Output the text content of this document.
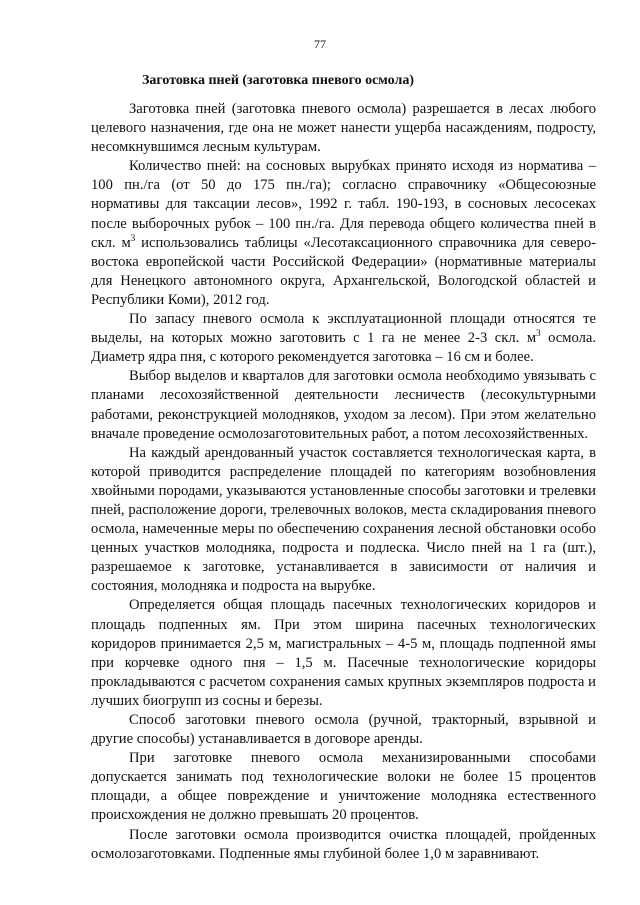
77
Заготовка пней (заготовка пневого осмола)

Заготовка пней (заготовка пневого осмола) разрешается в лесах любого целевого назначения, где она не может нанести ущерба насаждениям, подросту, несомкнувшимся лесным культурам.

Количество пней: на сосновых вырубках принято исходя из норматива – 100 пн./га (от 50 до 175 пн./га); согласно справочнику «Общесоюзные нормативы для таксации лесов», 1992 г. табл. 190-193, в сосновых лесосеках после выборочных рубок – 100 пн./га. Для перевода общего количества пней в скл. $м^3$ использовались таблицы «Лесотаксационного справочника для северо-востока европейской части Российской Федерации» (нормативные материалы для Ненецкого автономного округа, Архангельской, Вологодской областей и Республики Коми), 2012 год.

По запасу пневого осмола к эксплуатационной площади относятся те выделы, на которых можно заготовить с 1 га не менее 2-3 скл. $м^3$ осмола. Диаметр ядра пня, с которого рекомендуется заготовка – 16 см и более.

Выбор выделов и кварталов для заготовки осмола необходимо увязывать с планами лесохозяйственной деятельности лесничеств (лесокультурными работами, реконструкцией молодняков, уходом за лесом). При этом желательно вначале проведение осмолозаготовительных работ, а потом лесохозяйственных.

На каждый арендованный участок составляется технологическая карта, в которой приводится распределение площадей по категориям возобновления хвойными породами, указываются установленные способы заготовки и трелевки пней, расположение дороги, трелевочных волоков, места складирования пневого осмола, намеченные меры по обеспечению сохранения лесной обстановки особо ценных участков молодняка, подроста и подлеска. Число пней на 1 га (шт.), разрешаемое к заготовке, устанавливается в зависимости от наличия и состояния, молодняка и подроста на вырубке.

Определяется общая площадь пасечных технологических коридоров и площадь подпенных ям. При этом ширина пасечных технологических коридоров принимается 2,5 м, магистральных – 4-5 м, площадь подпенной ямы при корчевке одного пня – 1,5 м. Пасечные технологические коридоры прокладываются с расчетом сохранения самых крупных экземпляров подроста и лучших биогрупп из сосны и березы.

Способ заготовки пневого осмола (ручной, тракторный, взрывной и другие способы) устанавливается в договоре аренды.

При заготовке пневого осмола механизированными способами допускается занимать под технологические волоки не более 15 процентов площади, а общее повреждение и уничтожение молодняка естественного происхождения не должно превышать 20 процентов.

После заготовки осмола производится очистка площадей, пройденных осмолозаготовками. Подпенные ямы глубиной более 1,0 м заравнивают.
